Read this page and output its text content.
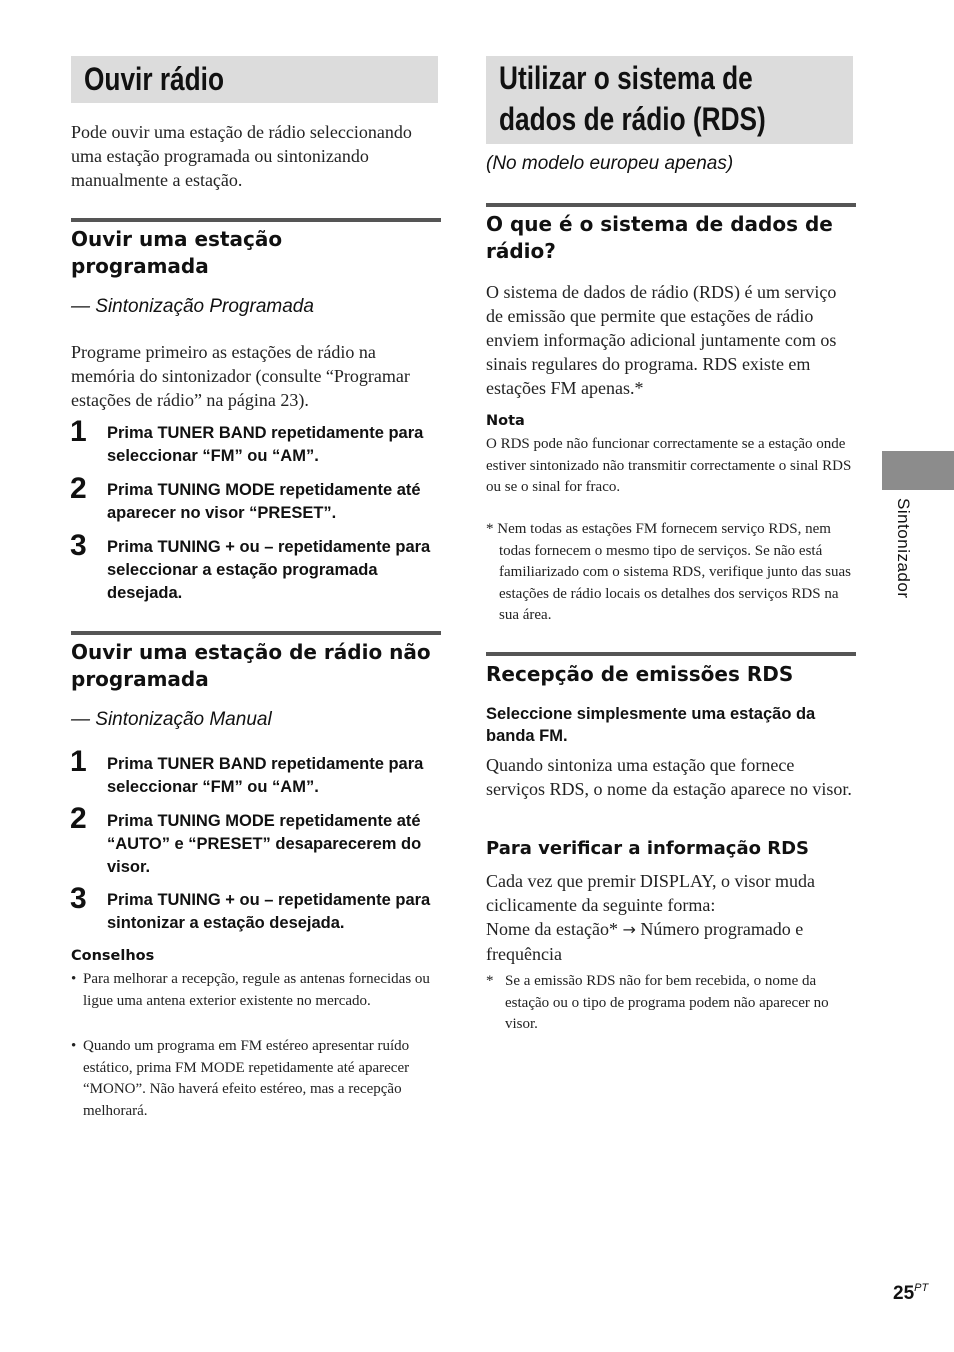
Ouvir rádio
Pode ouvir uma estação de rádio seleccionando uma estação programada ou sintonizando manualmente a estação.
Ouvir uma estação programada
— Sintonização Programada
Programe primeiro as estações de rádio na memória do sintonizador (consulte “Programar estações de rádio” na página 23).
1 Prima TUNER BAND repetidamente para seleccionar “FM” ou “AM”.
2 Prima TUNING MODE repetidamente até aparecer no visor “PRESET”.
3 Prima TUNING + ou – repetidamente para seleccionar a estação programada desejada.
Ouvir uma estação de rádio não programada
— Sintonização Manual
1 Prima TUNER BAND repetidamente para seleccionar “FM” ou “AM”.
2 Prima TUNING MODE repetidamente até “AUTO” e “PRESET” desaparecerem do visor.
3 Prima TUNING + ou – repetidamente para sintonizar a estação desejada.
Conselhos
• Para melhorar a recepção, regule as antenas fornecidas ou ligue uma antena exterior existente no mercado.
• Quando um programa em FM estéreo apresentar ruído estático, prima FM MODE repetidamente até aparecer “MONO”. Não haverá efeito estéreo, mas a recepção melhorará.
Utilizar o sistema de
dados de rádio (RDS)
(No modelo europeu apenas)
O que é o sistema de dados de rádio?
O sistema de dados de rádio (RDS) é um serviço de emissão que permite que estações de rádio enviem informação adicional juntamente com os sinais regulares do programa. RDS existe em estações FM apenas.*
Nota
O RDS pode não funcionar correctamente se a estação onde estiver sintonizado não transmitir correctamente o sinal RDS ou se o sinal for fraco.
* Nem todas as estações FM fornecem serviço RDS, nem todas fornecem o mesmo tipo de serviços. Se não está familiarizado com o sistema RDS, verifique junto das suas estações de rádio locais os detalhes dos serviços RDS na sua área.
Recepção de emissões RDS
Seleccione simplesmente uma estação da banda FM.
Quando sintoniza uma estação que fornece serviços RDS, o nome da estação aparece no visor.
Para verificar a informação RDS
Cada vez que premir DISPLAY, o visor muda ciclicamente da seguinte forma:
Nome da estação* → Número programado e frequência
* Se a emissão RDS não for bem recebida, o nome da estação ou o tipo de programa podem não aparecer no visor.
Sintonizador
$25^{PT}$
